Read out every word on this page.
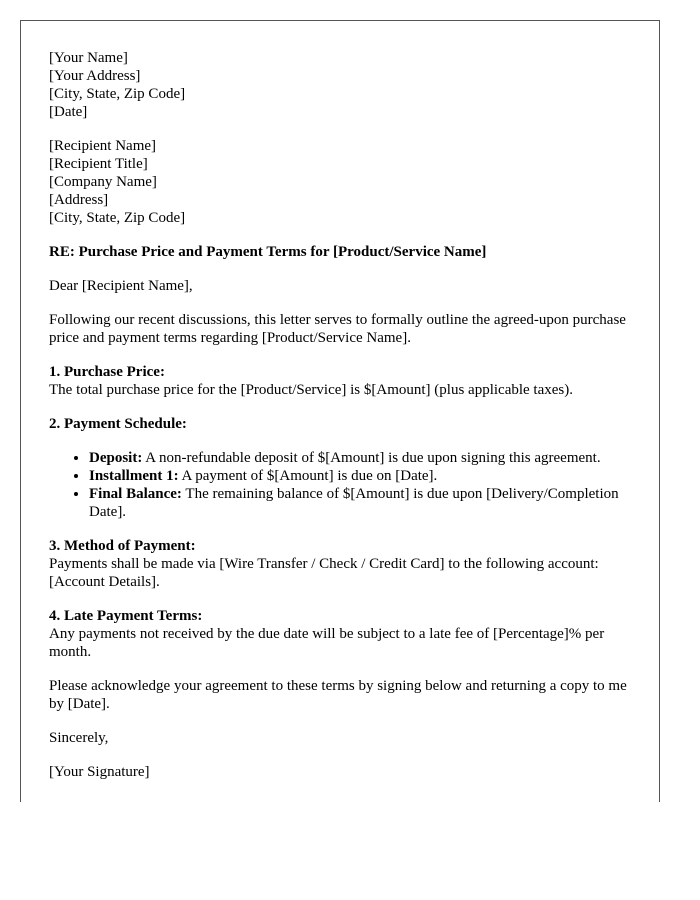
[Your Name]
[Your Address]
[City, State, Zip Code]
[Date]
[Recipient Name]
[Recipient Title]
[Company Name]
[Address]
[City, State, Zip Code]
RE: Purchase Price and Payment Terms for [Product/Service Name]

Dear [Recipient Name],

Following our recent discussions, this letter serves to formally outline the agreed-upon purchase price and payment terms regarding [Product/Service Name].

1. Purchase Price:
The total purchase price for the [Product/Service] is $[Amount] (plus applicable taxes).

2. Payment Schedule:

• Deposit: A non-refundable deposit of $[Amount] is due upon signing this agreement.
• Installment 1: A payment of $[Amount] is due on [Date].
• Final Balance: The remaining balance of $[Amount] is due upon [Delivery/Completion Date].

3. Method of Payment:
Payments shall be made via [Wire Transfer / Check / Credit Card] to the following account: [Account Details].

4. Late Payment Terms:
Any payments not received by the due date will be subject to a late fee of [Percentage]% per month.

Please acknowledge your agreement to these terms by signing below and returning a copy to me by [Date].

Sincerely,

[Your Signature]
